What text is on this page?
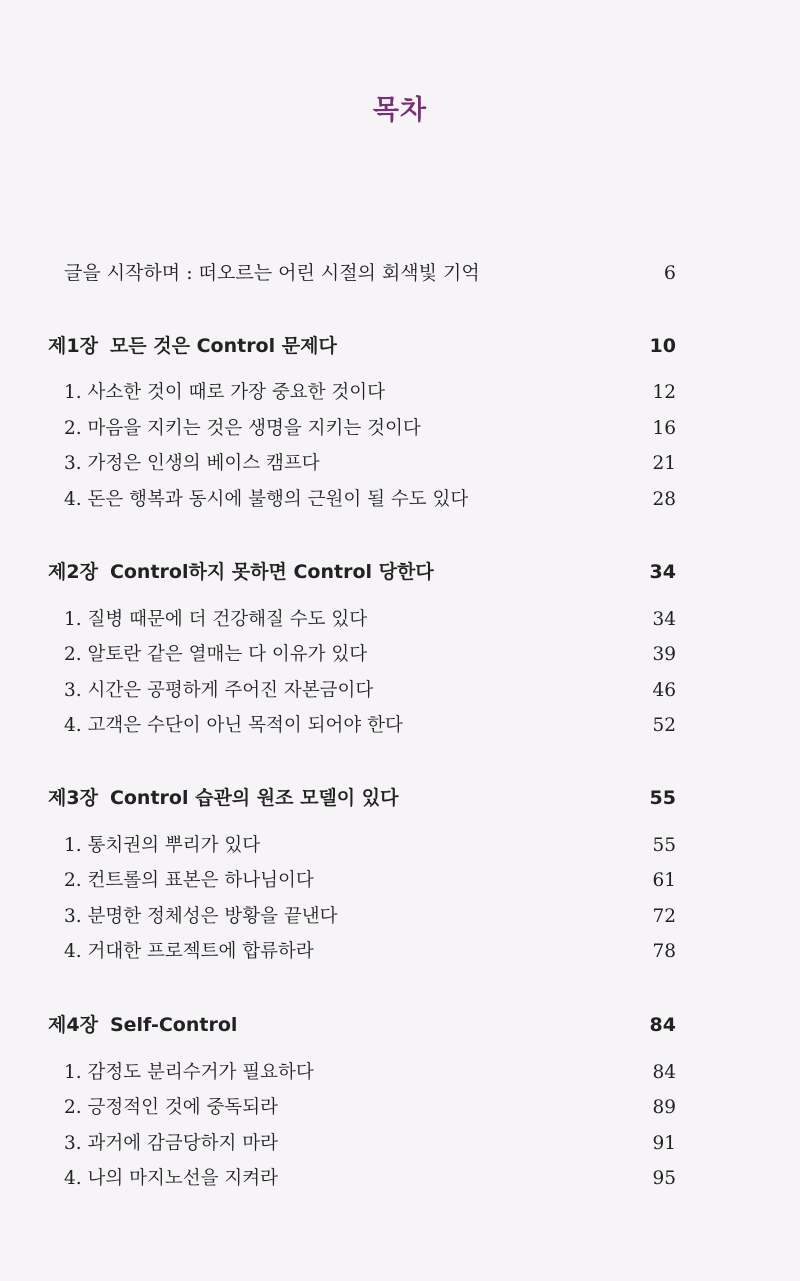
목차
글을 시작하며 : 떠오르는 어린 시절의 회색빛 기억	6
제1장 모든 것은 Control 문제다	10
1. 사소한 것이 때로 가장 중요한 것이다	12
2. 마음을 지키는 것은 생명을 지키는 것이다	16
3. 가정은 인생의 베이스 캠프다	21
4. 돈은 행복과 동시에 불행의 근원이 될 수도 있다	28
제2장 Control하지 못하면 Control 당한다	34
1. 질병 때문에 더 건강해질 수도 있다	34
2. 알토란 같은 열매는 다 이유가 있다	39
3. 시간은 공평하게 주어진 자본금이다	46
4. 고객은 수단이 아닌 목적이 되어야 한다	52
제3장 Control 습관의 원조 모델이 있다	55
1. 통치권의 뿌리가 있다	55
2. 컨트롤의 표본은 하나님이다	61
3. 분명한 정체성은 방황을 끝낸다	72
4. 거대한 프로젝트에 합류하라	78
제4장 Self-Control	84
1. 감정도 분리수거가 필요하다	84
2. 긍정적인 것에 중독되라	89
3. 과거에 감금당하지 마라	91
4. 나의 마지노선을 지켜라	95
